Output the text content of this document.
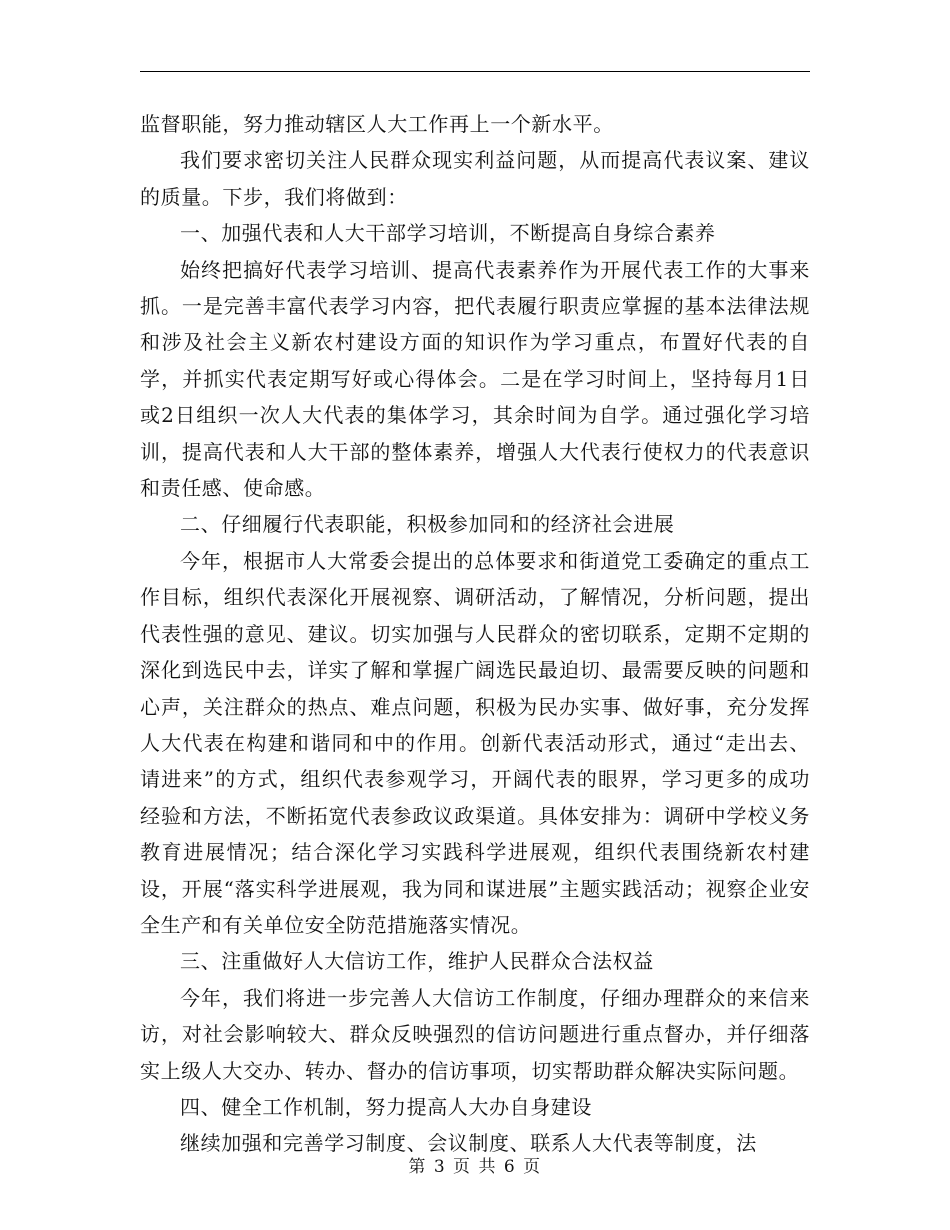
监督职能，努力推动辖区人大工作再上一个新水平。

我们要求密切关注人民群众现实利益问题，从而提高代表议案、建议的质量。下步，我们将做到：

一、加强代表和人大干部学习培训，不断提高自身综合素养

始终把搞好代表学习培训、提高代表素养作为开展代表工作的大事来抓。一是完善丰富代表学习内容，把代表履行职责应掌握的基本法律法规和涉及社会主义新农村建设方面的知识作为学习重点，布置好代表的自学，并抓实代表定期写好或心得体会。二是在学习时间上，坚持每月1日或2日组织一次人大代表的集体学习，其余时间为自学。通过强化学习培训，提高代表和人大干部的整体素养，增强人大代表行使权力的代表意识和责任感、使命感。

二、仔细履行代表职能，积极参加同和的经济社会进展

今年，根据市人大常委会提出的总体要求和街道党工委确定的重点工作目标，组织代表深化开展视察、调研活动，了解情况，分析问题，提出代表性强的意见、建议。切实加强与人民群众的密切联系，定期不定期的深化到选民中去，详实了解和掌握广阔选民最迫切、最需要反映的问题和心声，关注群众的热点、难点问题，积极为民办实事、做好事，充分发挥人大代表在构建和谐同和中的作用。创新代表活动形式，通过“走出去、请进来”的方式，组织代表参观学习，开阔代表的眼界，学习更多的成功经验和方法，不断拓宽代表参政议政渠道。具体安排为：调研中学校义务教育进展情况；结合深化学习实践科学进展观，组织代表围绕新农村建设，开展“落实科学进展观，我为同和谋进展”主题实践活动；视察企业安全生产和有关单位安全防范措施落实情况。

三、注重做好人大信访工作，维护人民群众合法权益

今年，我们将进一步完善人大信访工作制度，仔细办理群众的来信来访，对社会影响较大、群众反映强烈的信访问题进行重点督办，并仔细落实上级人大交办、转办、督办的信访事项，切实帮助群众解决实际问题。

四、健全工作机制，努力提高人大办自身建设

继续加强和完善学习制度、会议制度、联系人大代表等制度，法

第 3 页 共 6 页
